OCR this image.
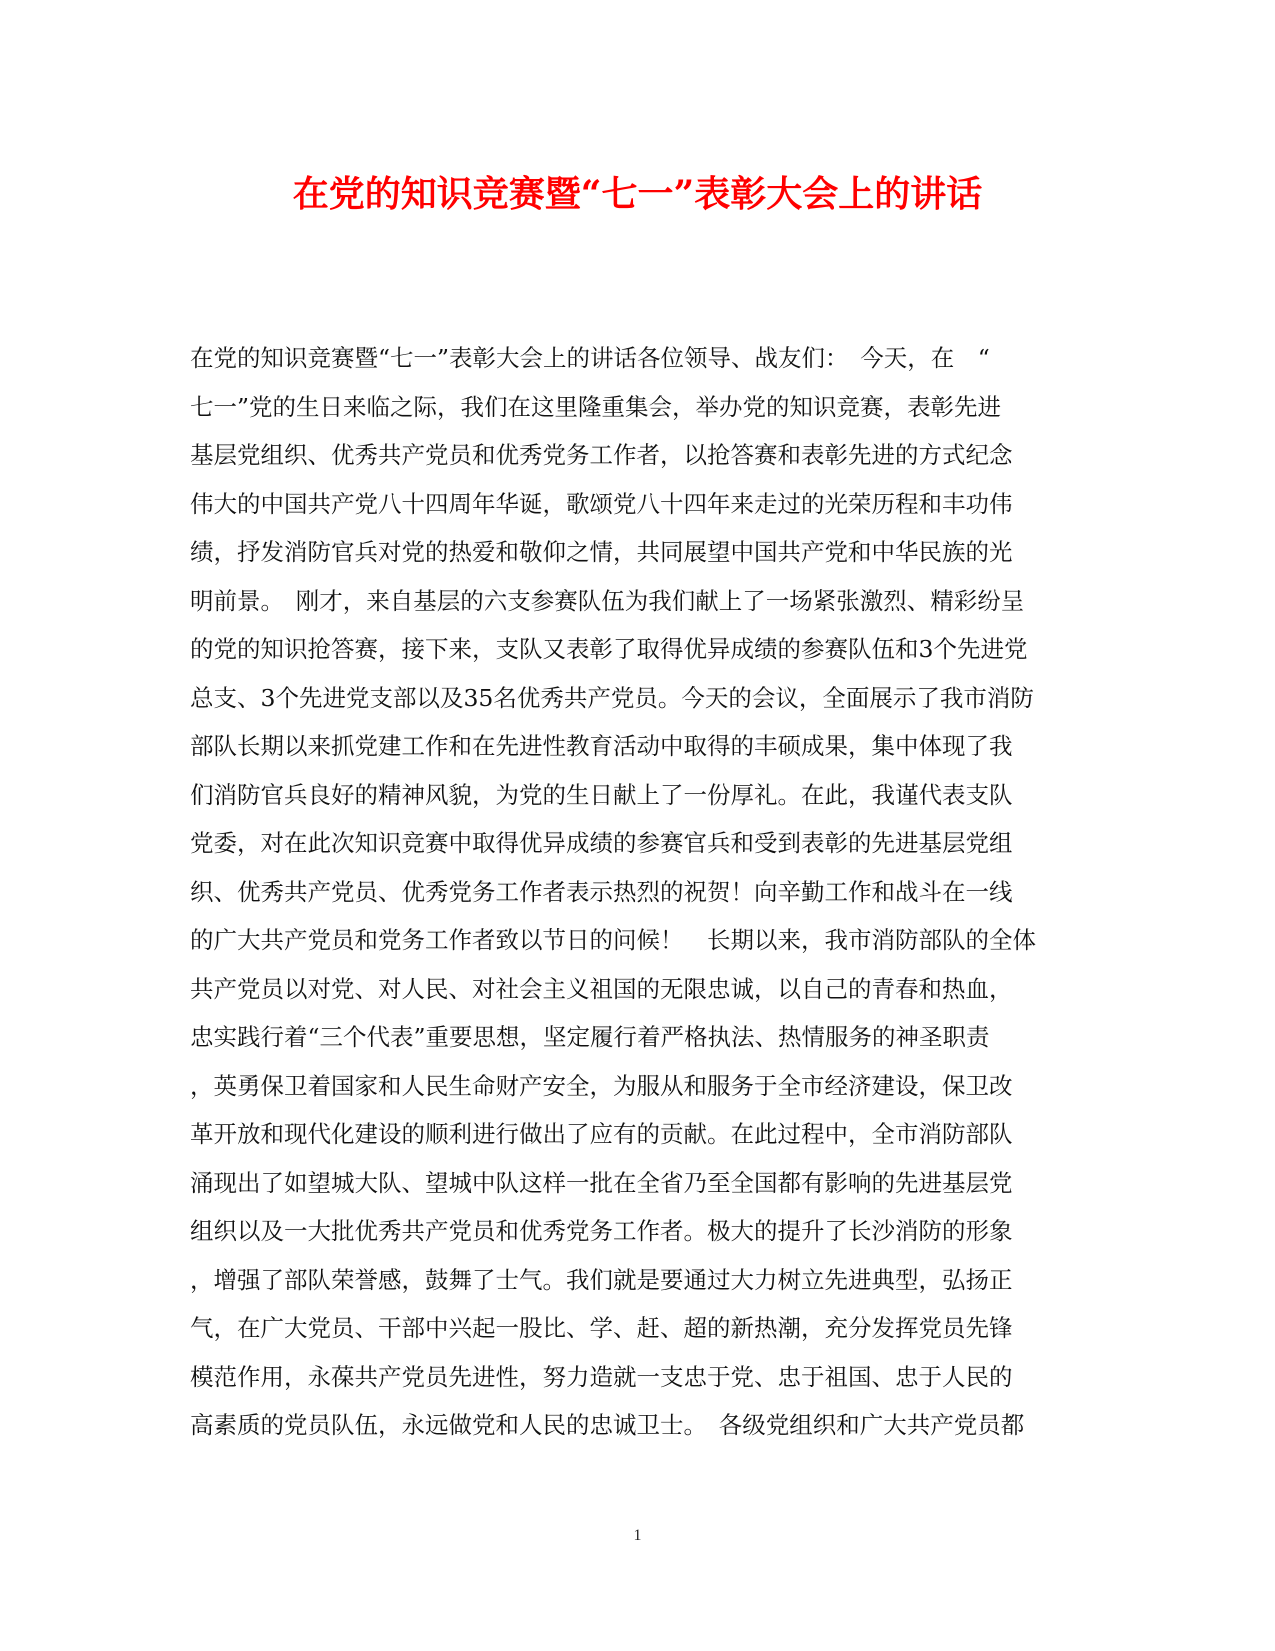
在党的知识竞赛暨“七一”表彰大会上的讲话
在党的知识竞赛暨“七一”表彰大会上的讲话各位领导、战友们：　今天，在　“
七一”党的生日来临之际，我们在这里隆重集会，举办党的知识竞赛，表彰先进
基层党组织、优秀共产党员和优秀党务工作者，以抢答赛和表彰先进的方式纪念
伟大的中国共产党八十四周年华诞，歌颂党八十四年来走过的光荣历程和丰功伟
绩，抒发消防官兵对党的热爱和敬仰之情，共同展望中国共产党和中华民族的光
明前景。　刚才，来自基层的六支参赛队伍为我们献上了一场紧张激烈、精彩纷呈
的党的知识抢答赛，接下来，支队又表彰了取得优异成绩的参赛队伍和3个先进党
总支、3个先进党支部以及35名优秀共产党员。今天的会议，全面展示了我市消防
部队长期以来抓党建工作和在先进性教育活动中取得的丰硕成果，集中体现了我
们消防官兵良好的精神风貌，为党的生日献上了一份厚礼。在此，我谨代表支队
党委，对在此次知识竞赛中取得优异成绩的参赛官兵和受到表彰的先进基层党组
织、优秀共产党员、优秀党务工作者表示热烈的祝贺！向辛勤工作和战斗在一线
的广大共产党员和党务工作者致以节日的问候！　长期以来，我市消防部队的全体
共产党员以对党、对人民、对社会主义祖国的无限忠诚，以自己的青春和热血，
忠实践行着“三个代表”重要思想，坚定履行着严格执法、热情服务的神圣职责
，英勇保卫着国家和人民生命财产安全，为服从和服务于全市经济建设，保卫改
革开放和现代化建设的顺利进行做出了应有的贡献。在此过程中，全市消防部队
涌现出了如望城大队、望城中队这样一批在全省乃至全国都有影响的先进基层党
组织以及一大批优秀共产党员和优秀党务工作者。极大的提升了长沙消防的形象
，增强了部队荣誉感，鼓舞了士气。我们就是要通过大力树立先进典型，弘扬正
气，在广大党员、干部中兴起一股比、学、赶、超的新热潮，充分发挥党员先锋
模范作用，永葆共产党员先进性，努力造就一支忠于党、忠于祖国、忠于人民的
高素质的党员队伍，永远做党和人民的忠诚卫士。　各级党组织和广大共产党员都
1
